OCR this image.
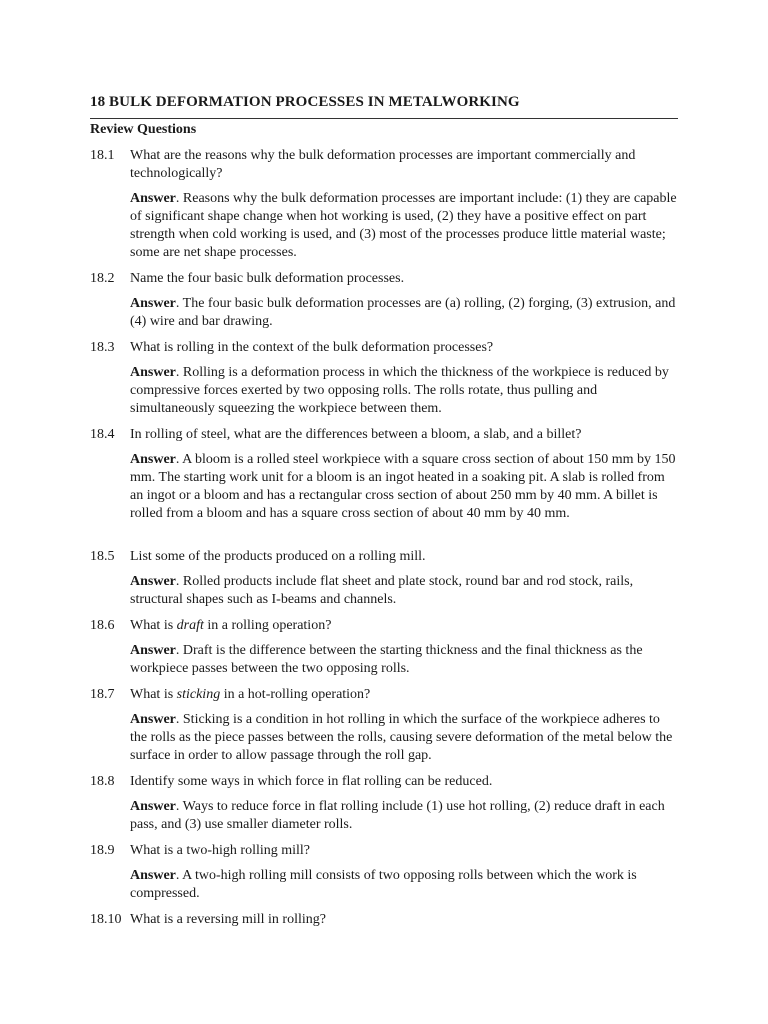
18 BULK DEFORMATION PROCESSES IN METALWORKING
Review Questions
18.1 What are the reasons why the bulk deformation processes are important commercially and technologically?
Answer. Reasons why the bulk deformation processes are important include: (1) they are capable of significant shape change when hot working is used, (2) they have a positive effect on part strength when cold working is used, and (3) most of the processes produce little material waste; some are net shape processes.
18.2 Name the four basic bulk deformation processes.
Answer. The four basic bulk deformation processes are (a) rolling, (2) forging, (3) extrusion, and (4) wire and bar drawing.
18.3 What is rolling in the context of the bulk deformation processes?
Answer. Rolling is a deformation process in which the thickness of the workpiece is reduced by compressive forces exerted by two opposing rolls. The rolls rotate, thus pulling and simultaneously squeezing the workpiece between them.
18.4 In rolling of steel, what are the differences between a bloom, a slab, and a billet?
Answer. A bloom is a rolled steel workpiece with a square cross section of about 150 mm by 150 mm. The starting work unit for a bloom is an ingot heated in a soaking pit. A slab is rolled from an ingot or a bloom and has a rectangular cross section of about 250 mm by 40 mm. A billet is rolled from a bloom and has a square cross section of about 40 mm by 40 mm.
18.5 List some of the products produced on a rolling mill.
Answer. Rolled products include flat sheet and plate stock, round bar and rod stock, rails, structural shapes such as I-beams and channels.
18.6 What is draft in a rolling operation?
Answer. Draft is the difference between the starting thickness and the final thickness as the workpiece passes between the two opposing rolls.
18.7 What is sticking in a hot-rolling operation?
Answer. Sticking is a condition in hot rolling in which the surface of the workpiece adheres to the rolls as the piece passes between the rolls, causing severe deformation of the metal below the surface in order to allow passage through the roll gap.
18.8 Identify some ways in which force in flat rolling can be reduced.
Answer. Ways to reduce force in flat rolling include (1) use hot rolling, (2) reduce draft in each pass, and (3) use smaller diameter rolls.
18.9 What is a two-high rolling mill?
Answer. A two-high rolling mill consists of two opposing rolls between which the work is compressed.
18.10 What is a reversing mill in rolling?
